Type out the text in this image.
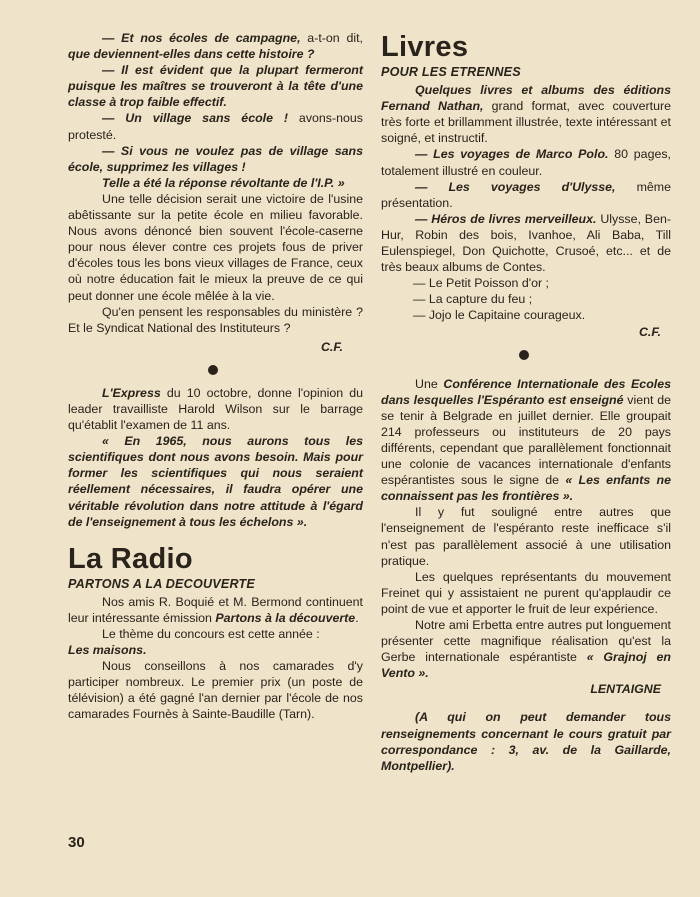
— Et nos écoles de campagne, a-t-on dit, que deviennent-elles dans cette histoire ?

— Il est évident que la plupart fermeront puisque les maîtres se trouveront à la tête d'une classe à trop faible effectif.

— Un village sans école ! avons-nous protesté.

— Si vous ne voulez pas de village sans école, supprimez les villages !

Telle a été la réponse révoltante de l'I.P. »

Une telle décision serait une victoire de l'usine abêtissante sur la petite école en milieu favorable. Nous avons dénoncé bien souvent l'école-caserne pour nous élever contre ces projets fous de priver d'écoles tous les bons vieux villages de France, ceux où notre éducation fait le mieux la preuve de ce qui peut donner une école mêlée à la vie.

Qu'en pensent les responsables du ministère ? Et le Syndicat National des Instituteurs ?

C.F.

L'Express du 10 octobre, donne l'opinion du leader travailliste Harold Wilson sur le barrage qu'établit l'examen de 11 ans.

« En 1965, nous aurons tous les scientifiques dont nous avons besoin. Mais pour former les scientifiques qui nous seraient réellement nécessaires, il faudra opérer une véritable révolution dans notre attitude à l'égard de l'enseignement à tous les échelons ».

La Radio
PARTONS A LA DECOUVERTE

Nos amis R. Boquié et M. Bermond continuent leur intéressante émission Partons à la découverte.

Le thème du concours est cette année :

Les maisons.

Nous conseillons à nos camarades d'y participer nombreux. Le premier prix (un poste de télévision) a été gagné l'an dernier par l'école de nos camarades Fournès à Sainte-Baudille (Tarn).

Livres
POUR LES ETRENNES

Quelques livres et albums des éditions Fernand Nathan, grand format, avec couverture très forte et brillamment illustrée, texte intéressant et soigné, et instructif.

— Les voyages de Marco Polo. 80 pages, totalement illustré en couleur.

— Les voyages d'Ulysse, même présentation.

— Héros de livres merveilleux. Ulysse, Ben-Hur, Robin des bois, Ivanhoe, Ali Baba, Till Eulenspiegel, Don Quichotte, Crusoé, etc... et de très beaux albums de Contes.

— Le Petit Poisson d'or ;

— La capture du feu ;

— Jojo le Capitaine courageux.

C.F.

Une Conférence Internationale des Ecoles dans lesquelles l'Espéranto est enseigné vient de se tenir à Belgrade en juillet dernier. Elle groupait 214 professeurs ou instituteurs de 20 pays différents, cependant que parallèlement fonctionnait une colonie de vacances internationale d'enfants espérantistes sous le signe de « Les enfants ne connaissent pas les frontières ».

Il y fut souligné entre autres que l'enseignement de l'espéranto reste inefficace s'il n'est pas parallèlement associé à une utilisation pratique.

Les quelques représentants du mouvement Freinet qui y assistaient ne purent qu'applaudir ce point de vue et apporter le fruit de leur expérience.

Notre ami Erbetta entre autres put longuement présenter cette magnifique réalisation qu'est la Gerbe internationale espérantiste « Grajnoj en Vento ».

LENTAIGNE

(A qui on peut demander tous renseignements concernant le cours gratuit par correspondance : 3, av. de la Gaillarde, Montpellier).

30
